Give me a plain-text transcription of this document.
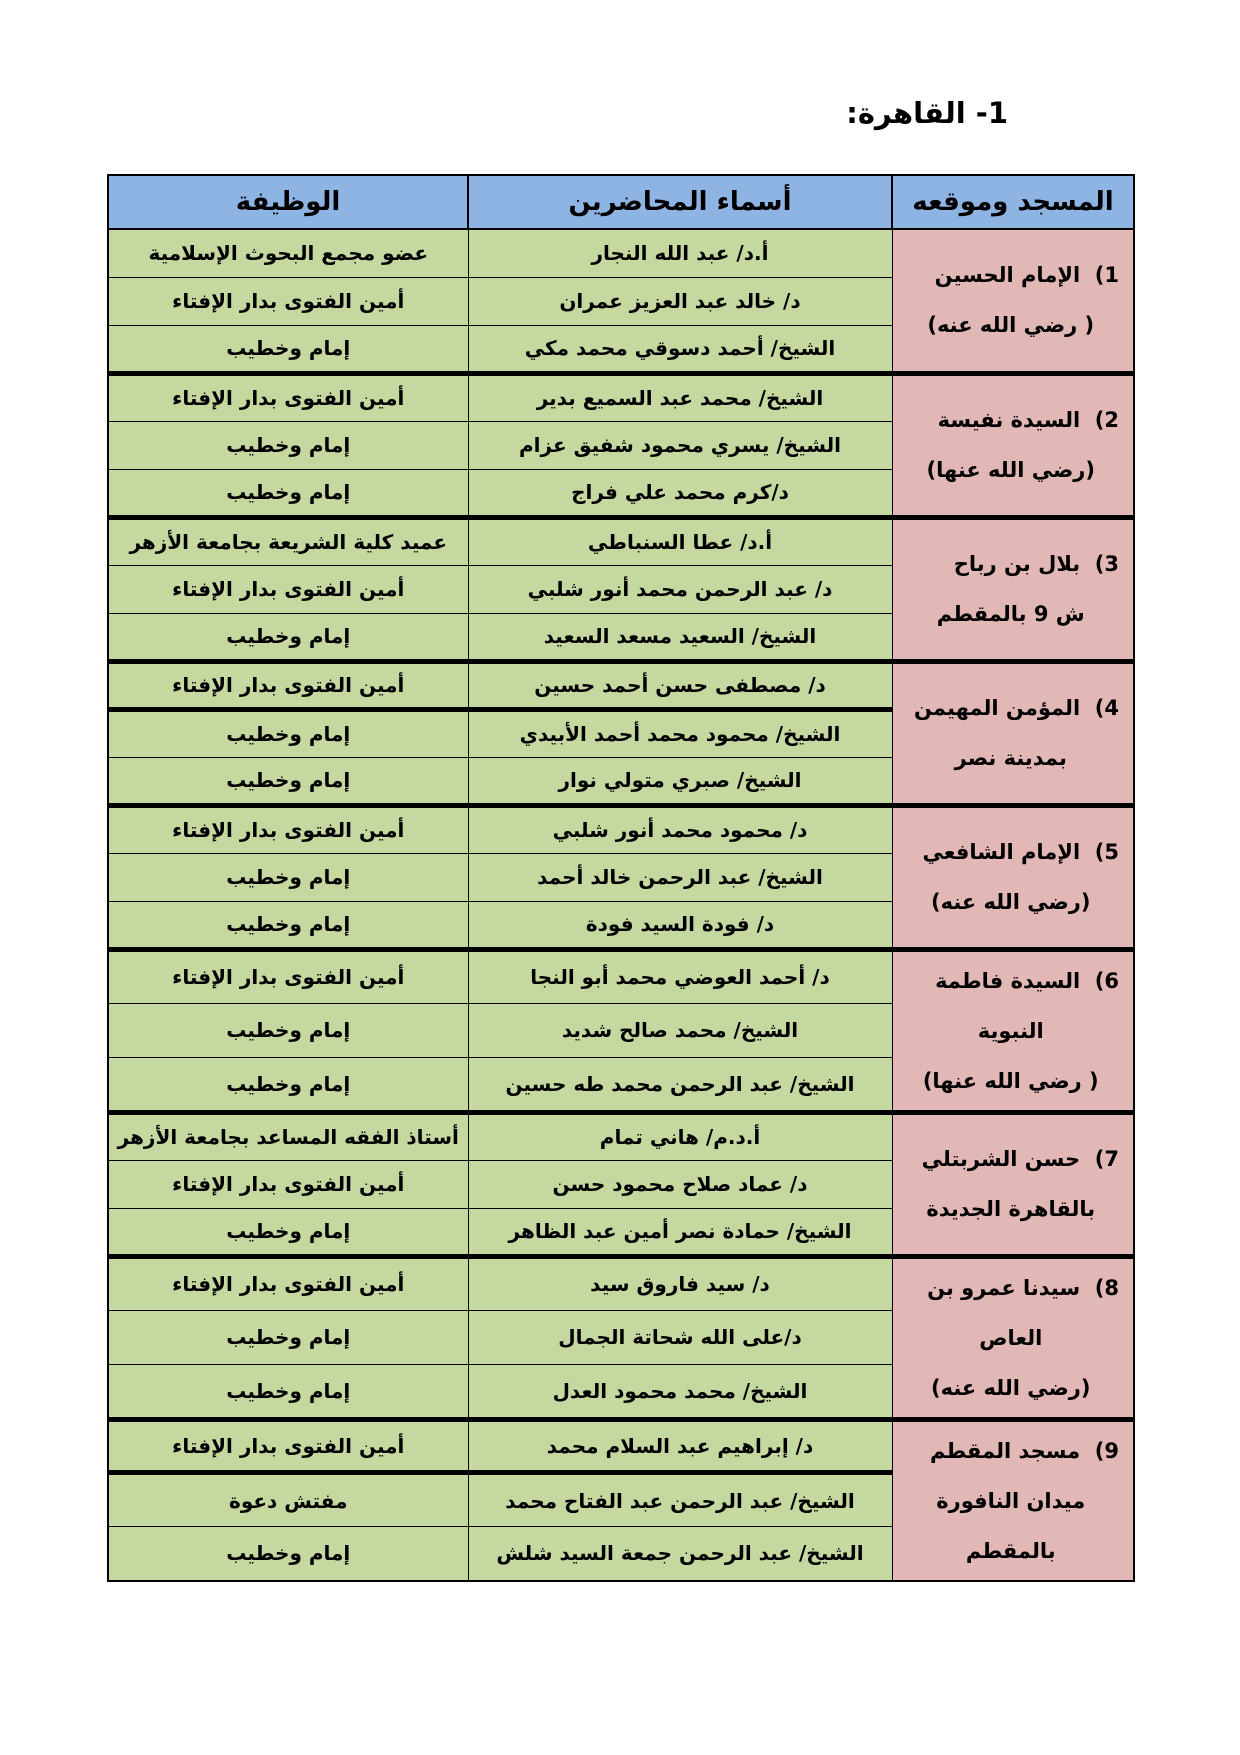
1- القاهرة:
المسجد وموقعه	أسماء المحاضرين	الوظيفة

1)  الإمام الحسين
( رضي الله عنه)	أ.د/ عبد الله النجار	عضو مجمع البحوث الإسلامية
	د/ خالد عبد العزيز عمران	أمين الفتوى بدار الإفتاء
	الشيخ/ أحمد دسوقي محمد مكي	إمام وخطيب

2)  السيدة نفيسة
(رضي الله عنها)	الشيخ/ محمد عبد السميع بدير	أمين الفتوى بدار الإفتاء
	الشيخ/ يسري محمود شفيق عزام	إمام وخطيب
	د/كرم محمد علي فراج	إمام وخطيب

3)  بلال بن رباح
ش 9 بالمقطم	أ.د/ عطا السنباطي	عميد كلية الشريعة بجامعة الأزهر
	د/ عبد الرحمن محمد أنور شلبي	أمين الفتوى بدار الإفتاء
	الشيخ/ السعيد مسعد السعيد	إمام وخطيب

4)  المؤمن المهيمن
بمدينة نصر	د/ مصطفى حسن أحمد حسين	أمين الفتوى بدار الإفتاء
	الشيخ/ محمود محمد أحمد الأبيدي	إمام وخطيب
	الشيخ/ صبري متولي نوار	إمام وخطيب

5)  الإمام الشافعي
(رضي الله عنه)	د/ محمود محمد أنور شلبي	أمين الفتوى بدار الإفتاء
	الشيخ/ عبد الرحمن خالد أحمد	إمام وخطيب
	د/ فودة السيد فودة	إمام وخطيب

6)  السيدة فاطمة
النبوية
( رضي الله عنها)	د/ أحمد العوضي محمد أبو النجا	أمين الفتوى بدار الإفتاء
	الشيخ/ محمد صالح شديد	إمام وخطيب
	الشيخ/ عبد الرحمن محمد طه حسين	إمام وخطيب

7)  حسن الشربتلي
بالقاهرة الجديدة	أ.د.م/ هاني تمام	أستاذ الفقه المساعد بجامعة الأزهر
	د/ عماد صلاح محمود حسن	أمين الفتوى بدار الإفتاء
	الشيخ/ حمادة نصر أمين عبد الظاهر	إمام وخطيب

8)  سيدنا عمرو بن
العاص
(رضي الله عنه)	د/ سيد فاروق سيد	أمين الفتوى بدار الإفتاء
	د/على الله شحاتة الجمال	إمام وخطيب
	الشيخ/ محمد محمود العدل	إمام وخطيب

9)  مسجد المقطم
ميدان النافورة
بالمقطم	د/ إبراهيم عبد السلام محمد	أمين الفتوى بدار الإفتاء
	الشيخ/ عبد الرحمن عبد الفتاح محمد	مفتش دعوة
	الشيخ/ عبد الرحمن جمعة السيد شلش	إمام وخطيب
